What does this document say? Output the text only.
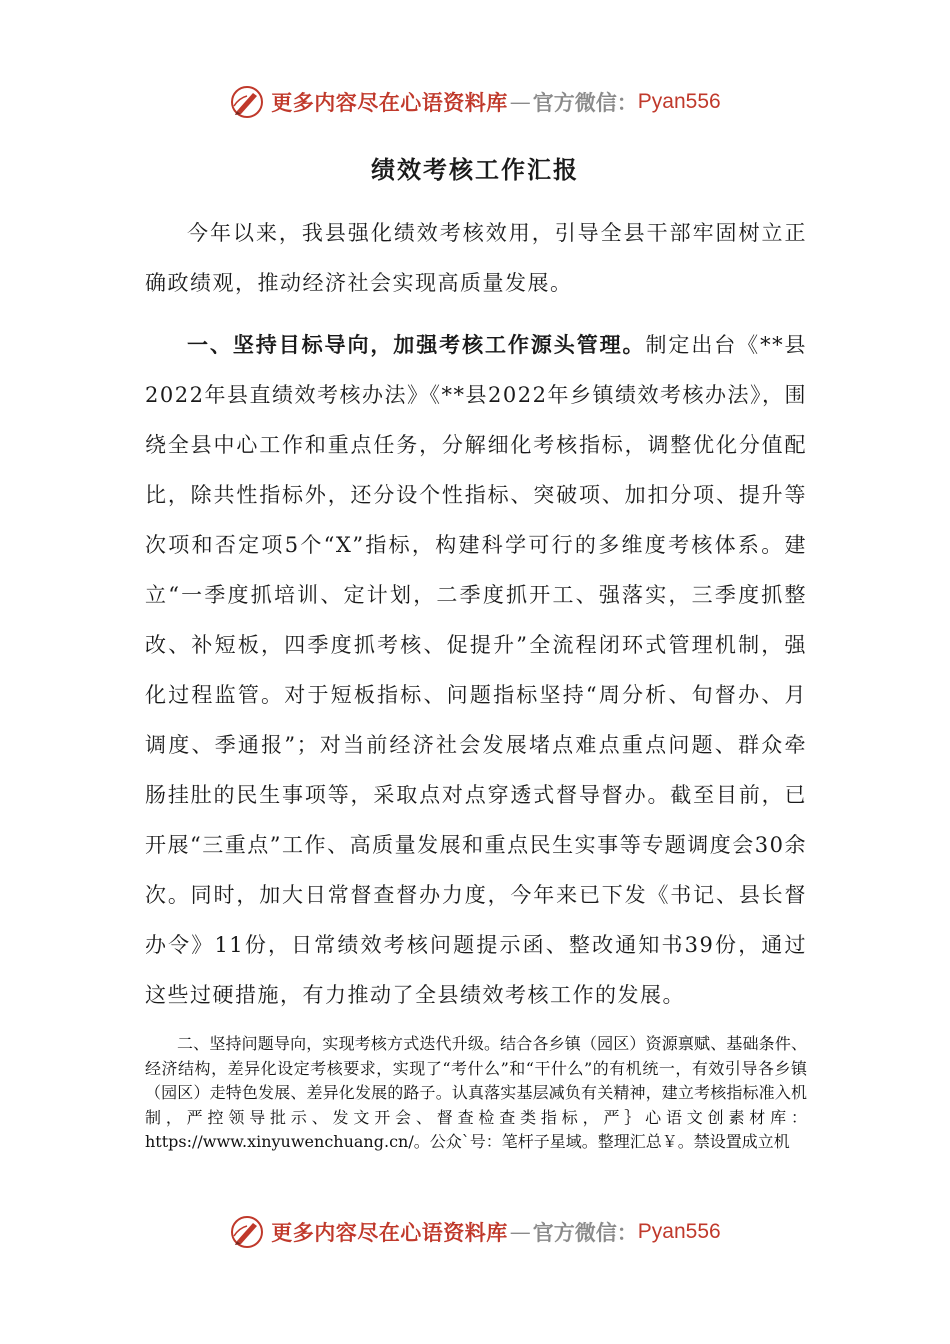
更多内容尽在心语资料库 — 官方微信： Pyan556
绩效考核工作汇报
今年以来，我县强化绩效考核效用，引导全县干部牢固树立正确政绩观，推动经济社会实现高质量发展。
一、坚持目标导向，加强考核工作源头管理。制定出台《**县2022年县直绩效考核办法》《**县2022年乡镇绩效考核办法》，围绕全县中心工作和重点任务，分解细化考核指标，调整优化分值配比，除共性指标外，还分设个性指标、突破项、加扣分项、提升等次项和否定项5个“X”指标，构建科学可行的多维度考核体系。建立“一季度抓培训、定计划，二季度抓开工、强落实，三季度抓整改、补短板，四季度抓考核、促提升”全流程闭环式管理机制，强化过程监管。对于短板指标、问题指标坚持“周分析、旬督办、月调度、季通报”；对当前经济社会发展堵点难点重点问题、群众牵肠挂肚的民生事项等，采取点对点穿透式督导督办。截至目前，已开展“三重点”工作、高质量发展和重点民生实事等专题调度会30余次。同时，加大日常督查督办力度，今年来已下发《书记、县长督办令》11份，日常绩效考核问题提示函、整改通知书39份，通过这些过硬措施，有力推动了全县绩效考核工作的发展。
二、坚持问题导向，实现考核方式迭代升级。结合各乡镇（园区）资源禀赋、基础条件、经济结构，差异化设定考核要求，实现了“考什么”和“干什么”的有机统一，有效引导各乡镇（园区）走特色发展、差异化发展的路子。认真落实基层减负有关精神，建立考核指标准入机制，严控领导批示、发文开会、督查检查类指标，严｝心语文创素材库：https://www.xinyuwenchuang.cn/。公众`号：笔杆子星域。整理汇总￥。禁设置成立机
更多内容尽在心语资料库 — 官方微信： Pyan556
